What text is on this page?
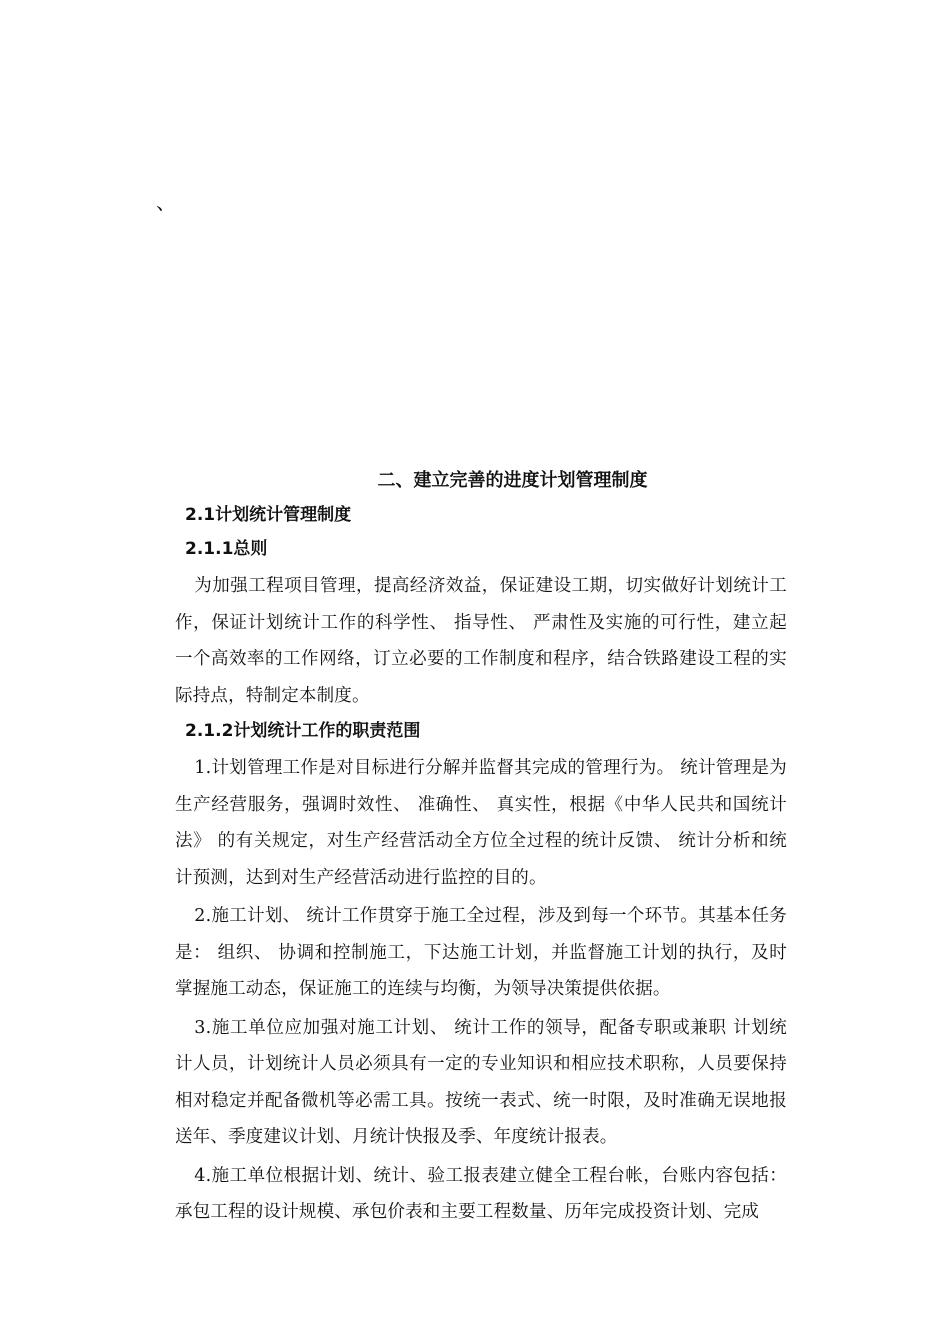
、
二、建立完善的进度计划管理制度
2.1计划统计管理制度
2.1.1总则

为加强工程项目管理，提高经济效益，保证建设工期，切实做好计划统计工作，保证计划统计工作的科学性、 指导性、 严肃性及实施的可行性，建立起一个高效率的工作网络，订立必要的工作制度和程序，结合铁路建设工程的实际持点，特制定本制度。

2.1.2计划统计工作的职责范围

1.计划管理工作是对目标进行分解并监督其完成的管理行为。 统计管理是为生产经营服务，强调时效性、 准确性、 真实性，根据《中华人民共和国统计法》 的有关规定，对生产经营活动全方位全过程的统计反馈、 统计分析和统计预测，达到对生产经营活动进行监控的目的。

2.施工计划、 统计工作贯穿于施工全过程，涉及到每一个环节。其基本任务是： 组织、 协调和控制施工，下达施工计划，并监督施工计划的执行，及时掌握施工动态，保证施工的连续与均衡，为领导决策提供依据。

3.施工单位应加强对施工计划、 统计工作的领导，配备专职或兼职 计划统计人员，计划统计人员必须具有一定的专业知识和相应技术职称，人员要保持相对稳定并配备微机等必需工具。按统一表式、统一时限，及时准确无误地报送年、季度建议计划、月统计快报及季、年度统计报表。

4.施工单位根据计划、统计、验工报表建立健全工程台帐，台账内容包括：承包工程的设计规模、承包价表和主要工程数量、历年完成投资计划、完成
